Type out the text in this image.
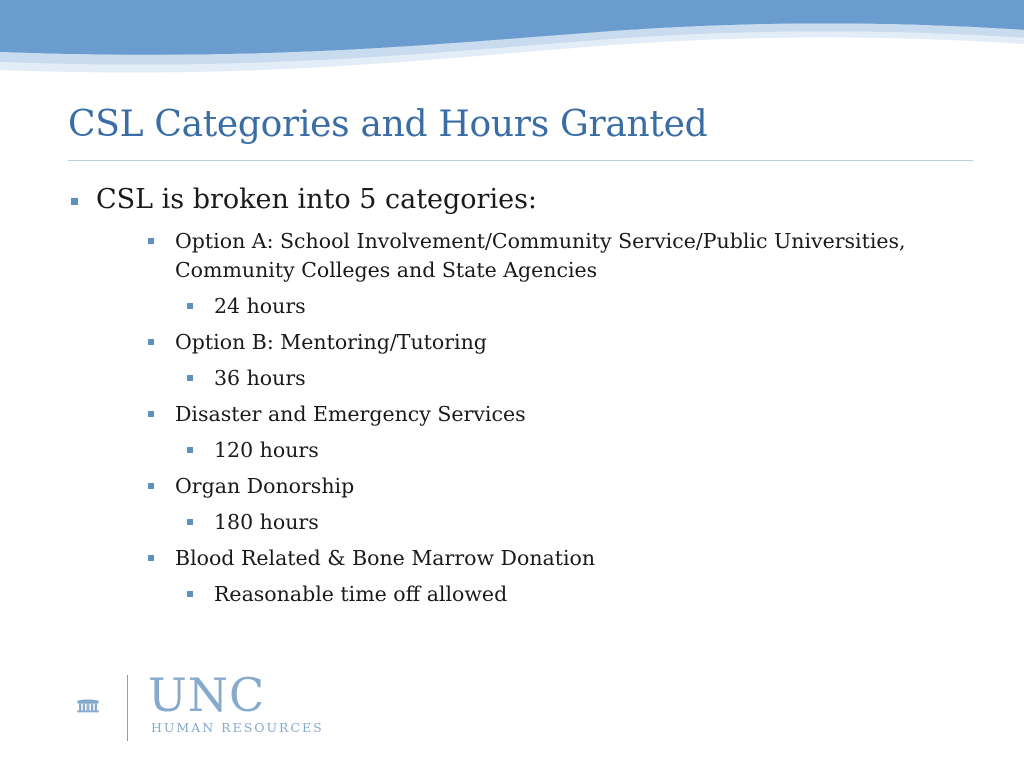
CSL Categories and Hours Granted
CSL is broken into 5 categories:
Option A: School Involvement/Community Service/Public Universities, Community Colleges and State Agencies
24 hours
Option B: Mentoring/Tutoring
36 hours
Disaster and Emergency Services
120 hours
Organ Donorship
180 hours
Blood Related & Bone Marrow Donation
Reasonable time off allowed
UNC
HUMAN RESOURCES
